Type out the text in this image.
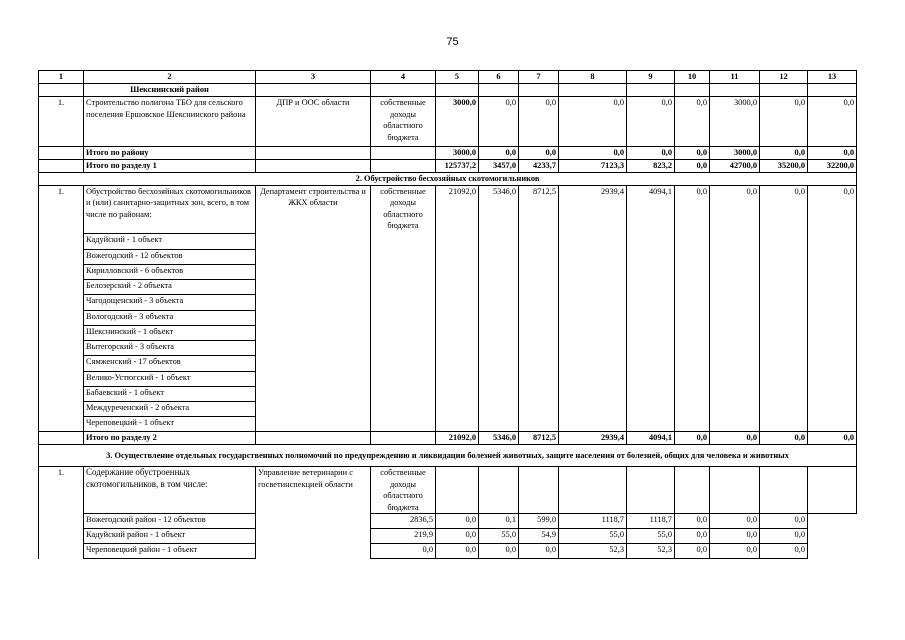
75
1	2	3	4	5	6	7	8	9	10	11	12	13
	Шекснинский район											
1.	Строительство полигона ТБО для сельского поселения Ершовское Шекснинского района	ДПР и ООС области	собственные доходы областного бюджета	3000,0	0,0	0,0	0,0	0,0	0,0	3000,0	0,0	0,0
	Итого по району			3000,0	0,0	0,0	0,0	0,0	0,0	3000,0	0,0	0,0
	Итого по разделу 1			125737,2	3457,0	4233,7	7123,3	823,2	0,0	42700,0	35200,0	32200,0
2. Обустройство бесхозяйных скотомогильников												
1.	Обустройство бесхозяйных скотомогильников и (или) санитарно-защитных зон, всего, в том числе по районам:	Департамент строительства и ЖКХ области	собственные доходы областного бюджета	21092,0	5346,0	8712,5	2939,4	4094,1	0,0	0,0	0,0	0,0
	Кадуйский - 1 объект											
	Вожегодский - 12 объектов											
	Кирилловский - 6 объектов											
	Белозерский - 2 объекта											
	Чагодощенский - 3 объекта											
	Вологодский - 3 объекта											
	Шекснинский - 1 объект											
	Вытегорский - 3 объекта											
	Сямженский - 17 объектов											
	Велико-Устюгский - 1 объект											
	Бабаевский - 1 объект											
	Междуреченский - 2 объекта											
	Череповецкий - 1 объект											
	Итого по разделу 2			21092,0	5346,0	8712,5	2939,4	4094,1	0,0	0,0	0,0	0,0
3. Осуществление отдельных государственных полномочий по предупреждению и ликвидации болезней животных, защите населения от болезней, общих для человека и животных												
1.	Содержание обустроенных скотомогильников, в том числе:	Управление ветеринарии с госветинспекцией области	собственные доходы областного бюджета									
	Вожегодский район - 12 объектов		2836,5	0,0	0,1	599,0	1118,7	1118,7	0,0	0,0	0,0	
	Кадуйский район - 1 объект		219,9	0,0	55,0	54,9	55,0	55,0	0,0	0,0	0,0	
	Череповецкий район - 1 объект		0,0	0,0	0,0	0,0	52,3	52,3	0,0	0,0	0,0	
